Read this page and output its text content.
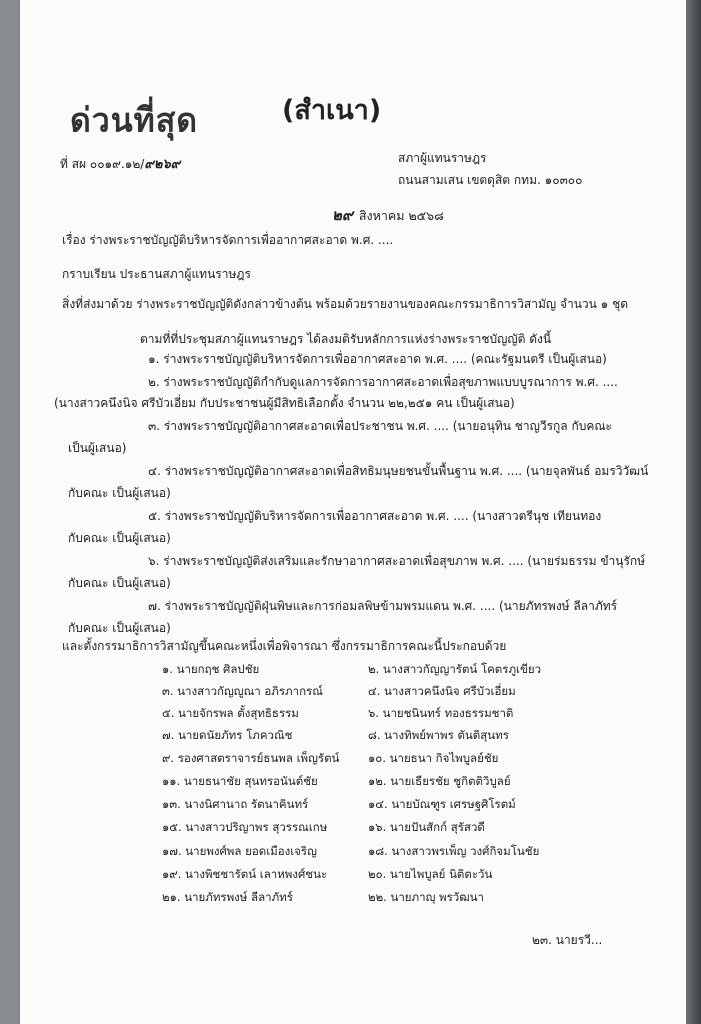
ด่วนที่สุด	(สำเนา)
ที่ สผ ๐๐๑๙.๑๒/๙๒๖๙	สภาผู้แทนราษฎร
ถนนสามเสน เขตดุสิต กทม. ๑๐๓๐๐
๒๙ สิงหาคม ๒๕๖๘
เรื่อง ร่างพระราชบัญญัติบริหารจัดการเพื่ออากาศสะอาด พ.ศ. ....
กราบเรียน ประธานสภาผู้แทนราษฎร
สิ่งที่ส่งมาด้วย ร่างพระราชบัญญัติดังกล่าวข้างต้น พร้อมด้วยรายงานของคณะกรรมาธิการวิสามัญ จำนวน ๑ ชุด
ตามที่ที่ประชุมสภาผู้แทนราษฎร ได้ลงมติรับหลักการแห่งร่างพระราชบัญญัติ ดังนี้
๑. ร่างพระราชบัญญัติบริหารจัดการเพื่ออากาศสะอาด พ.ศ. .... (คณะรัฐมนตรี เป็นผู้เสนอ)
๒. ร่างพระราชบัญญัติกำกับดูแลการจัดการอากาศสะอาดเพื่อสุขภาพแบบบูรณาการ พ.ศ. ....
(นางสาวคนึงนิจ ศรีบัวเอี่ยม กับประชาชนผู้มีสิทธิเลือกตั้ง จำนวน ๒๒,๒๕๑ คน เป็นผู้เสนอ)
๓. ร่างพระราชบัญญัติอากาศสะอาดเพื่อประชาชน พ.ศ. .... (นายอนุทิน ชาญวีรกูล กับคณะ
เป็นผู้เสนอ)
๔. ร่างพระราชบัญญัติอากาศสะอาดเพื่อสิทธิมนุษยชนขั้นพื้นฐาน พ.ศ. .... (นายจุลพันธ์ อมรวิวัฒน์
กับคณะ เป็นผู้เสนอ)
๕. ร่างพระราชบัญญัติบริหารจัดการเพื่ออากาศสะอาด พ.ศ. .... (นางสาวตรีนุช เทียนทอง
กับคณะ เป็นผู้เสนอ)
๖. ร่างพระราชบัญญัติส่งเสริมและรักษาอากาศสะอาดเพื่อสุขภาพ พ.ศ. .... (นายร่มธรรม ขำนุรักษ์
กับคณะ เป็นผู้เสนอ)
๗. ร่างพระราชบัญญัติฝุ่นพิษและการก่อมลพิษข้ามพรมแดน พ.ศ. .... (นายภัทรพงษ์ ลีลาภัทร์
กับคณะ เป็นผู้เสนอ)
และตั้งกรรมาธิการวิสามัญขึ้นคณะหนึ่งเพื่อพิจารณา ซึ่งกรรมาธิการคณะนี้ประกอบด้วย
๑. นายกฤช ศิลปชัย	๒. นางสาวกัญญารัตน์ โคตรภูเขียว
๓. นางสาวกัญญูณา อภิรภากรณ์	๔. นางสาวคนึงนิจ ศรีบัวเอี่ยม
๕. นายจักรพล ตั้งสุทธิธรรม	๖. นายชนินทร์ ทองธรรมชาติ
๗. นายดนัยภัทร โภควณิช	๘. นางทิพย์พาพร ตันติสุนทร
๙. รองศาสตราจารย์ธนพล เพ็ญรัตน์ ๑๐. นายธนา กิจไพบูลย์ชัย
๑๑. นายธนาชัย สุนทรอนันต์ชัย	๑๒. นายเธียรชัย ชูกิตติวิบูลย์
๑๓. นางนิศานาถ รัตนาคินทร์	๑๔. นายบัณฑูร เศรษฐศิโรตม์
๑๕. นางสาวปริญาพร สุวรรณเกษ	๑๖. นายปันสักก์ สุรัสวดี
๑๗. นายพงศ์พล ยอดเมืองเจริญ	๑๘. นางสาวพรเพ็ญ วงศ์กิจมโนชัย
๑๙. นางพิชชารัตน์ เลาหพงศ์ชนะ	๒๐. นายไพบูลย์ นิติตะวัน
๒๑. นายภัทรพงษ์ ลีลาภัทร์	๒๒. นายภาญุ พรวัฒนา
๒๓. นายรวี...
